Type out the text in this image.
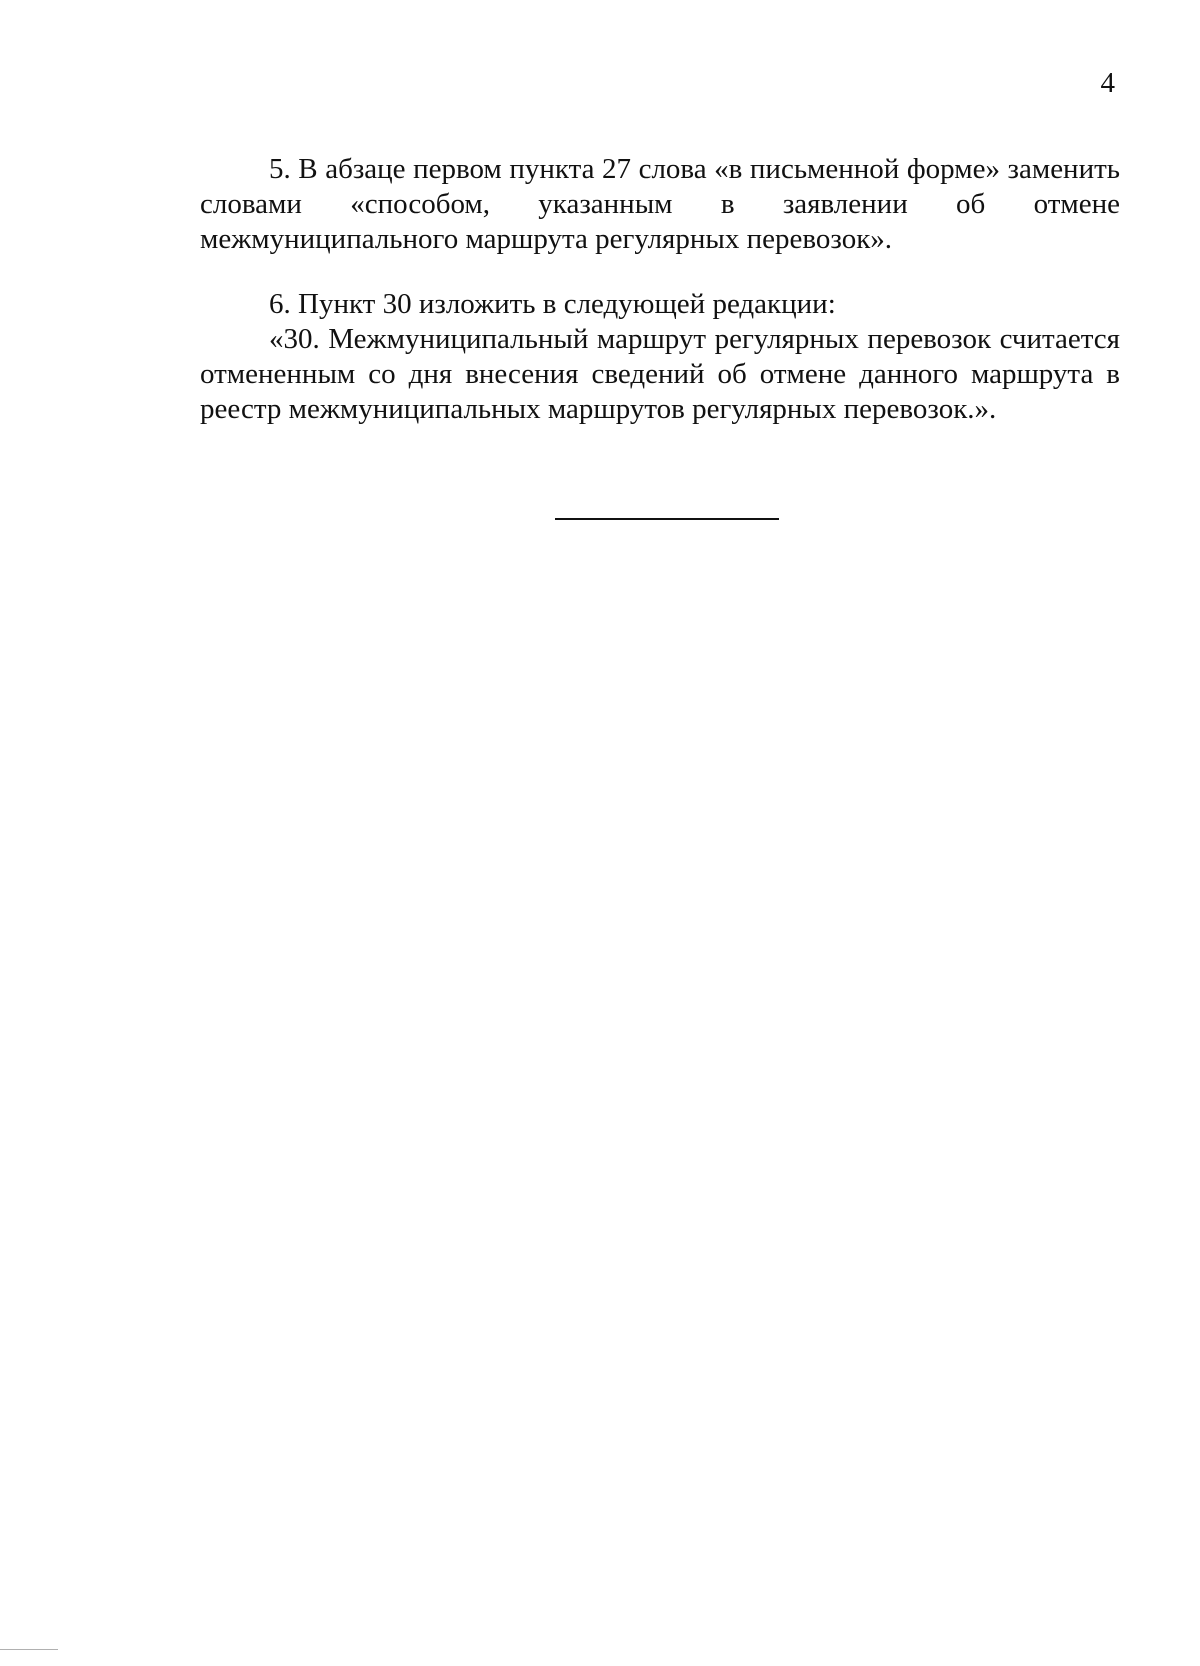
4

5. В абзаце первом пункта 27 слова «в письменной форме» заменить словами «способом, указанным в заявлении об отмене межмуниципального маршрута регулярных перевозок».

6. Пункт 30 изложить в следующей редакции:

«30. Межмуниципальный маршрут регулярных перевозок считается отмененным со дня внесения сведений об отмене данного маршрута в реестр межмуниципальных маршрутов регулярных перевозок.».
